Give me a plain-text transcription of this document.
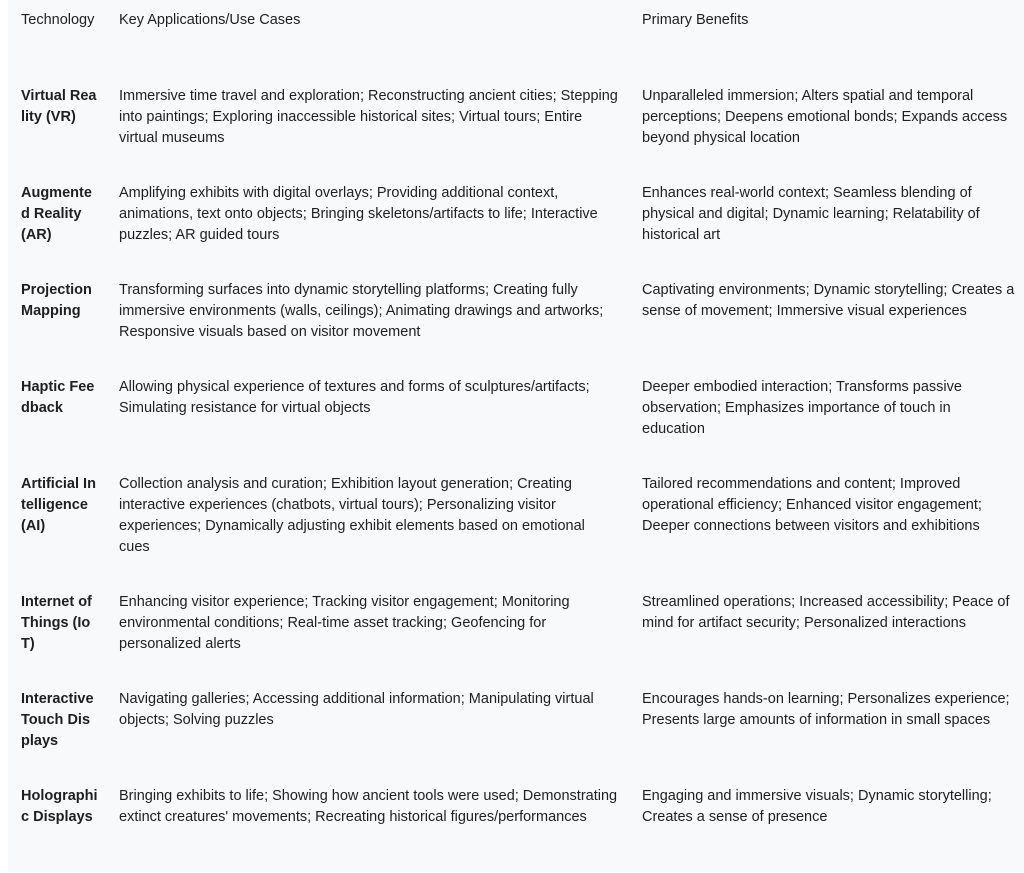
Technology	Key Applications/Use Cases	Primary Benefits
Virtual Reality (VR)	Immersive time travel and exploration; Reconstructing ancient cities; Stepping into paintings; Exploring inaccessible historical sites; Virtual tours; Entire virtual museums	Unparalleled immersion; Alters spatial and temporal perceptions; Deepens emotional bonds; Expands access beyond physical location
Augmented Reality (AR)	Amplifying exhibits with digital overlays; Providing additional context, animations, text onto objects; Bringing skeletons/artifacts to life; Interactive puzzles; AR guided tours	Enhances real-world context; Seamless blending of physical and digital; Dynamic learning; Relatability of historical art
Projection Mapping	Transforming surfaces into dynamic storytelling platforms; Creating fully immersive environments (walls, ceilings); Animating drawings and artworks; Responsive visuals based on visitor movement	Captivating environments; Dynamic storytelling; Creates a sense of movement; Immersive visual experiences
Haptic Feedback	Allowing physical experience of textures and forms of sculptures/artifacts; Simulating resistance for virtual objects	Deeper embodied interaction; Transforms passive observation; Emphasizes importance of touch in education
Artificial Intelligence (AI)	Collection analysis and curation; Exhibition layout generation; Creating interactive experiences (chatbots, virtual tours); Personalizing visitor experiences; Dynamically adjusting exhibit elements based on emotional cues	Tailored recommendations and content; Improved operational efficiency; Enhanced visitor engagement; Deeper connections between visitors and exhibitions
Internet of Things (IoT)	Enhancing visitor experience; Tracking visitor engagement; Monitoring environmental conditions; Real-time asset tracking; Geofencing for personalized alerts	Streamlined operations; Increased accessibility; Peace of mind for artifact security; Personalized interactions
Interactive Touch Displays	Navigating galleries; Accessing additional information; Manipulating virtual objects; Solving puzzles	Encourages hands-on learning; Personalizes experience; Presents large amounts of information in small spaces
Holographic Displays	Bringing exhibits to life; Showing how ancient tools were used; Demonstrating extinct creatures' movements; Recreating historical figures/performances	Engaging and immersive visuals; Dynamic storytelling; Creates a sense of presence
